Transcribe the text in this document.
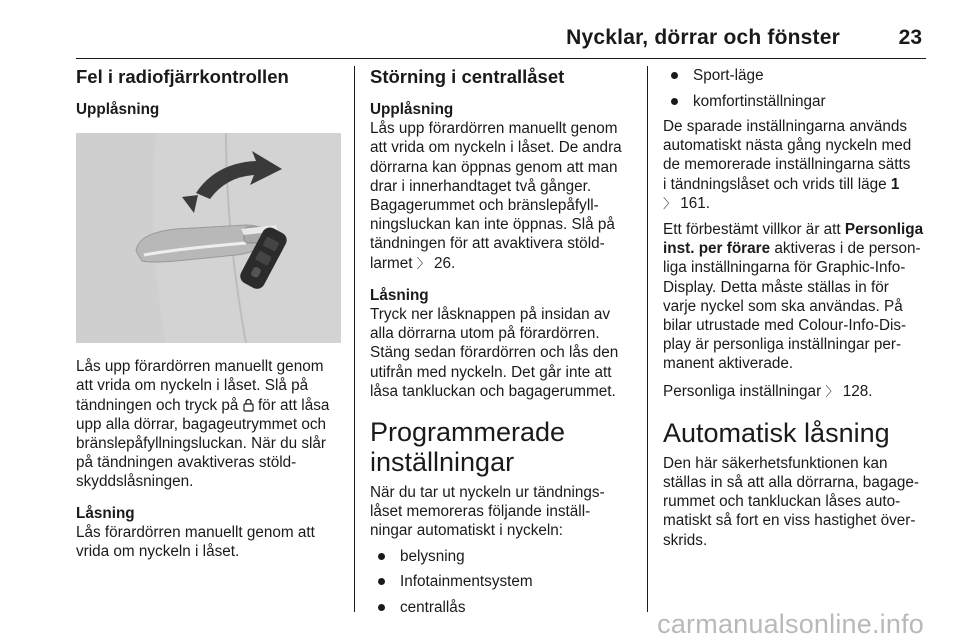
Nycklar, dörrar och fönster	23
Fel i radiofjärrkontrollen
Upplåsning

Lås upp förardörren manuellt genom
att vrida om nyckeln i låset. Slå på
tändningen och tryck på för att låsa
upp alla dörrar, bagageutrymmet och
bränslepåfyllningsluckan. När du slår
på tändningen avaktiveras stöld-
skyddslåsningen.

Låsning

Lås förardörren manuellt genom att
vrida om nyckeln i låset.

Störning i centrallåset
Upplåsning

Lås upp förardörren manuellt genom
att vrida om nyckeln i låset. De andra
dörrarna kan öppnas genom att man
drar i innerhandtaget två gånger.
Bagagerummet och bränslepåfyll-
ningsluckan kan inte öppnas. Slå på
tändningen för att avaktivera stöld-
larmet 〉 26.

Låsning

Tryck ner låsknappen på insidan av
alla dörrarna utom på förardörren.
Stäng sedan förardörren och lås den
utifrån med nyckeln. Det går inte att
låsa tankluckan och bagagerummet.

Programmerade
inställningar

När du tar ut nyckeln ur tändnings-
låset memoreras följande inställ-
ningar automatiskt i nyckeln:

belysning
Infotainmentsystem
centrallås
Sport-läge
komfortinställningar

De sparade inställningarna används
automatiskt nästa gång nyckeln med
de memorerade inställningarna sätts
i tändningslåset och vrids till läge 1
〉 161.

Ett förbestämt villkor är att Personliga
inst. per förare aktiveras i de person-
liga inställningarna för Graphic-Info-
Display. Detta måste ställas in för
varje nyckel som ska användas. På
bilar utrustade med Colour-Info-Dis-
play är personliga inställningar per-
manent aktiverade.

Personliga inställningar 〉 128.

Automatisk låsning

Den här säkerhetsfunktionen kan
ställas in så att alla dörrarna, bagage-
rummet och tankluckan låses auto-
matiskt så fort en viss hastighet över-
skrids.

carmanualsonline.info
